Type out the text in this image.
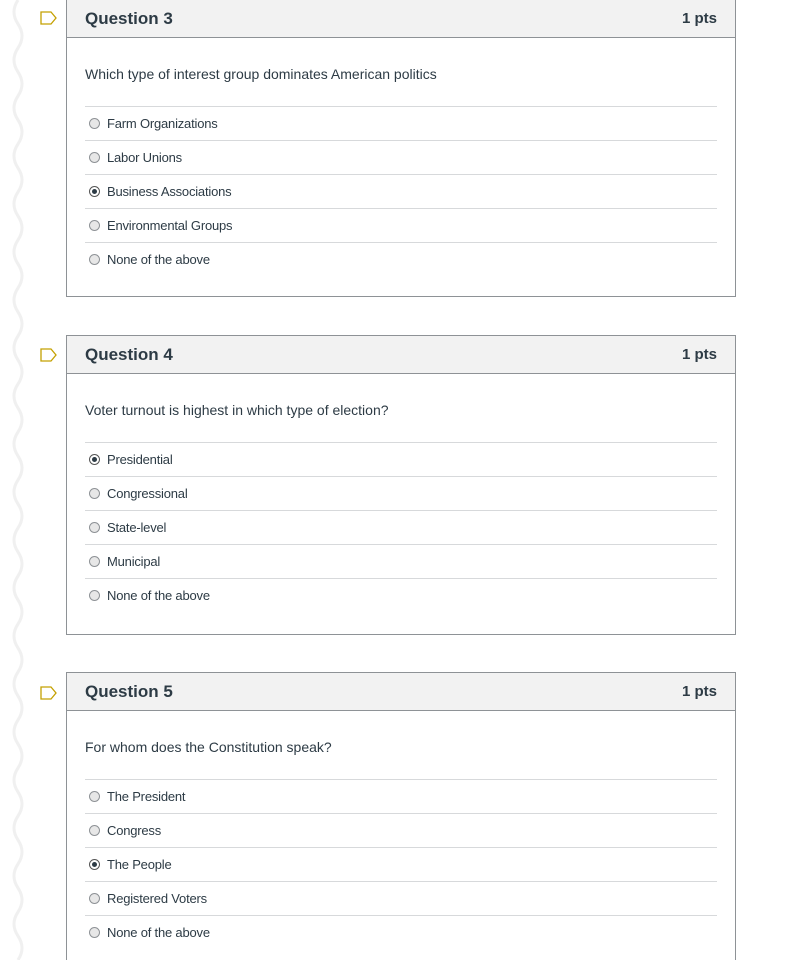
Question 3	1 pts

Which type of interest group dominates American politics

Farm Organizations
Labor Unions
Business Associations
Environmental Groups
None of the above
Question 4	1 pts

Voter turnout is highest in which type of election?

Presidential
Congressional
State-level
Municipal
None of the above
Question 5	1 pts

For whom does the Constitution speak?

The President
Congress
The People
Registered Voters
None of the above
